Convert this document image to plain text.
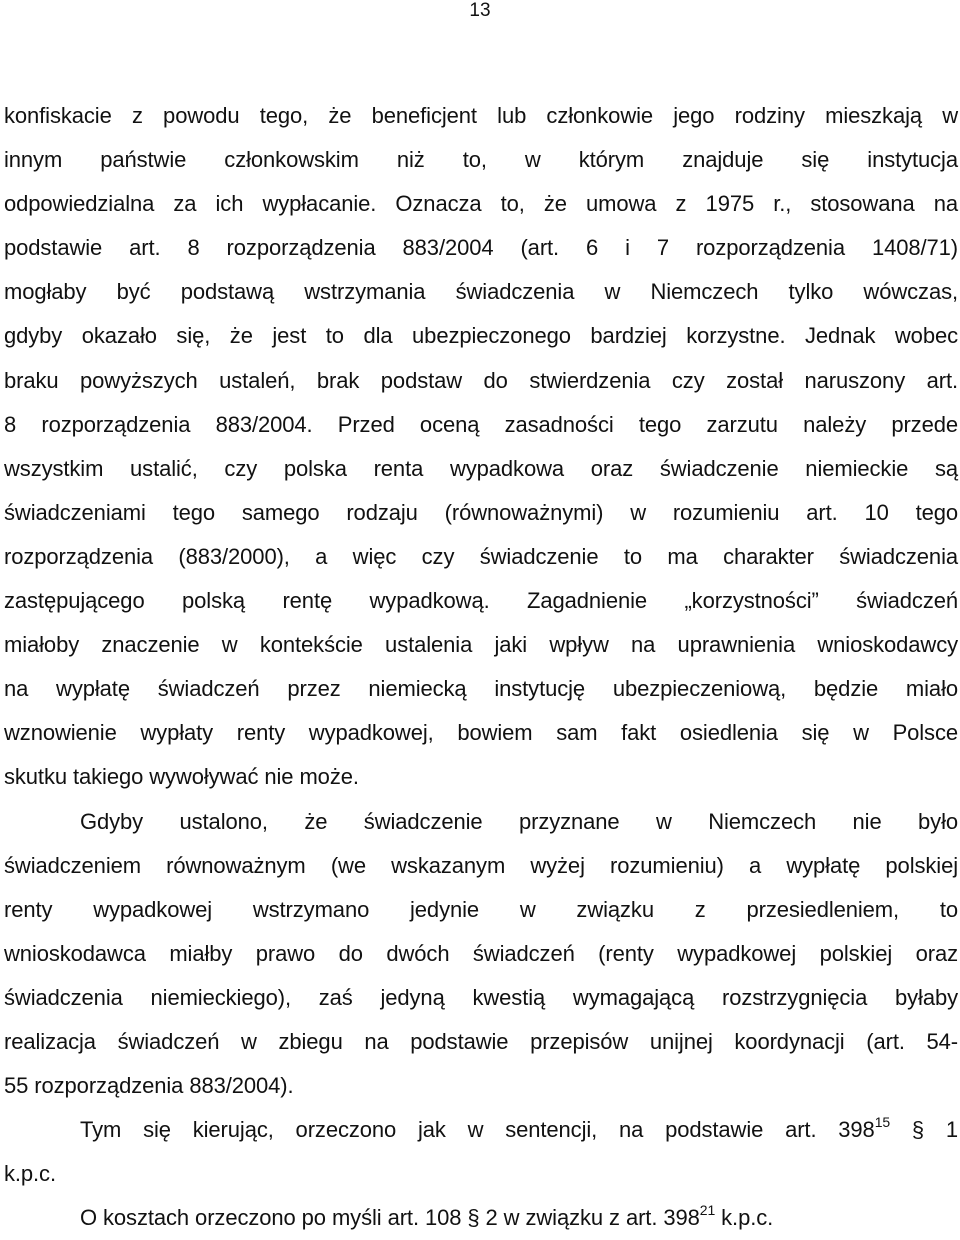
13
konfiskacie z powodu tego, że beneficjent lub członkowie jego rodziny mieszkają w
innym państwie członkowskim niż to, w którym znajduje się instytucja
odpowiedzialna za ich wypłacanie. Oznacza to, że umowa z 1975 r., stosowana na
podstawie art. 8 rozporządzenia 883/2004 (art. 6 i 7 rozporządzenia 1408/71)
mogłaby być podstawą wstrzymania świadczenia w Niemczech tylko wówczas,
gdyby okazało się, że jest to dla ubezpieczonego bardziej korzystne. Jednak wobec
braku powyższych ustaleń, brak podstaw do stwierdzenia czy został naruszony art.
8 rozporządzenia 883/2004. Przed oceną zasadności tego zarzutu należy przede
wszystkim ustalić, czy polska renta wypadkowa oraz świadczenie niemieckie są
świadczeniami tego samego rodzaju (równoważnymi) w rozumieniu art. 10 tego
rozporządzenia (883/2000), a więc czy świadczenie to ma charakter świadczenia
zastępującego polską rentę wypadkową. Zagadnienie „korzystności” świadczeń
miałoby znaczenie w kontekście ustalenia jaki wpływ na uprawnienia wnioskodawcy
na wypłatę świadczeń przez niemiecką instytucję ubezpieczeniową, będzie miało
wznowienie wypłaty renty wypadkowej, bowiem sam fakt osiedlenia się w Polsce
skutku takiego wywoływać nie może.
Gdyby ustalono, że świadczenie przyznane w Niemczech nie było
świadczeniem równoważnym (we wskazanym wyżej rozumieniu) a wypłatę polskiej
renty wypadkowej wstrzymano jedynie w związku z przesiedleniem, to
wnioskodawca miałby prawo do dwóch świadczeń (renty wypadkowej polskiej oraz
świadczenia niemieckiego), zaś jedyną kwestią wymagającą rozstrzygnięcia byłaby
realizacja świadczeń w zbiegu na podstawie przepisów unijnej koordynacji (art. 54-
55 rozporządzenia 883/2004).
Tym się kierując, orzeczono jak w sentencji, na podstawie art. $398^{15}$ § 1
k.p.c.
O kosztach orzeczono po myśli art. 108 § 2 w związku z art. $398^{21}$ k.p.c.
